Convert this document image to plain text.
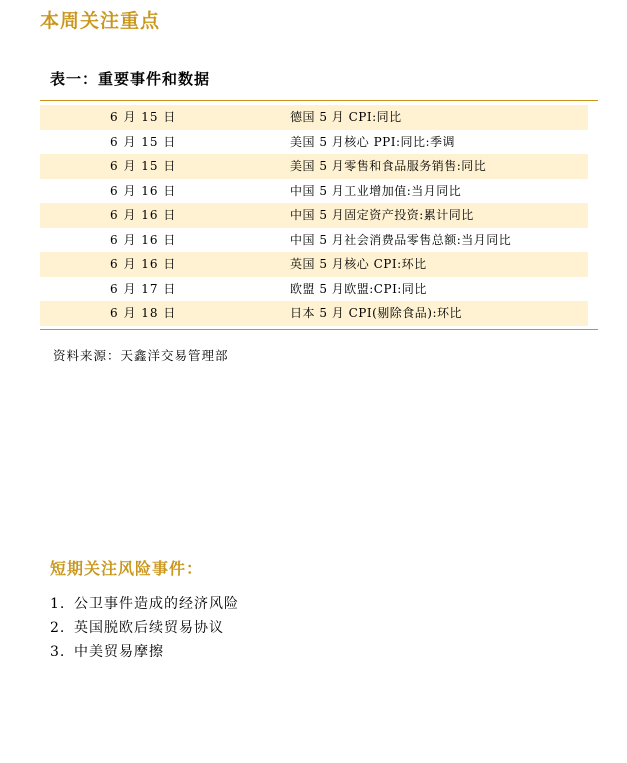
本周关注重点
表一：重要事件和数据
6 月 15 日	德国 5 月 CPI:同比
6 月 15 日	美国 5 月核心 PPI:同比:季调
6 月 15 日	美国 5 月零售和食品服务销售:同比
6 月 16 日	中国 5 月工业增加值:当月同比
6 月 16 日	中国 5 月固定资产投资:累计同比
6 月 16 日	中国 5 月社会消费品零售总额:当月同比
6 月 16 日	英国 5 月核心 CPI:环比
6 月 17 日	欧盟 5 月欧盟:CPI:同比
6 月 18 日	日本 5 月 CPI(剔除食品):环比
资料来源：天鑫洋交易管理部
短期关注风险事件：
1. 公卫事件造成的经济风险
2. 英国脱欧后续贸易协议
3. 中美贸易摩擦
